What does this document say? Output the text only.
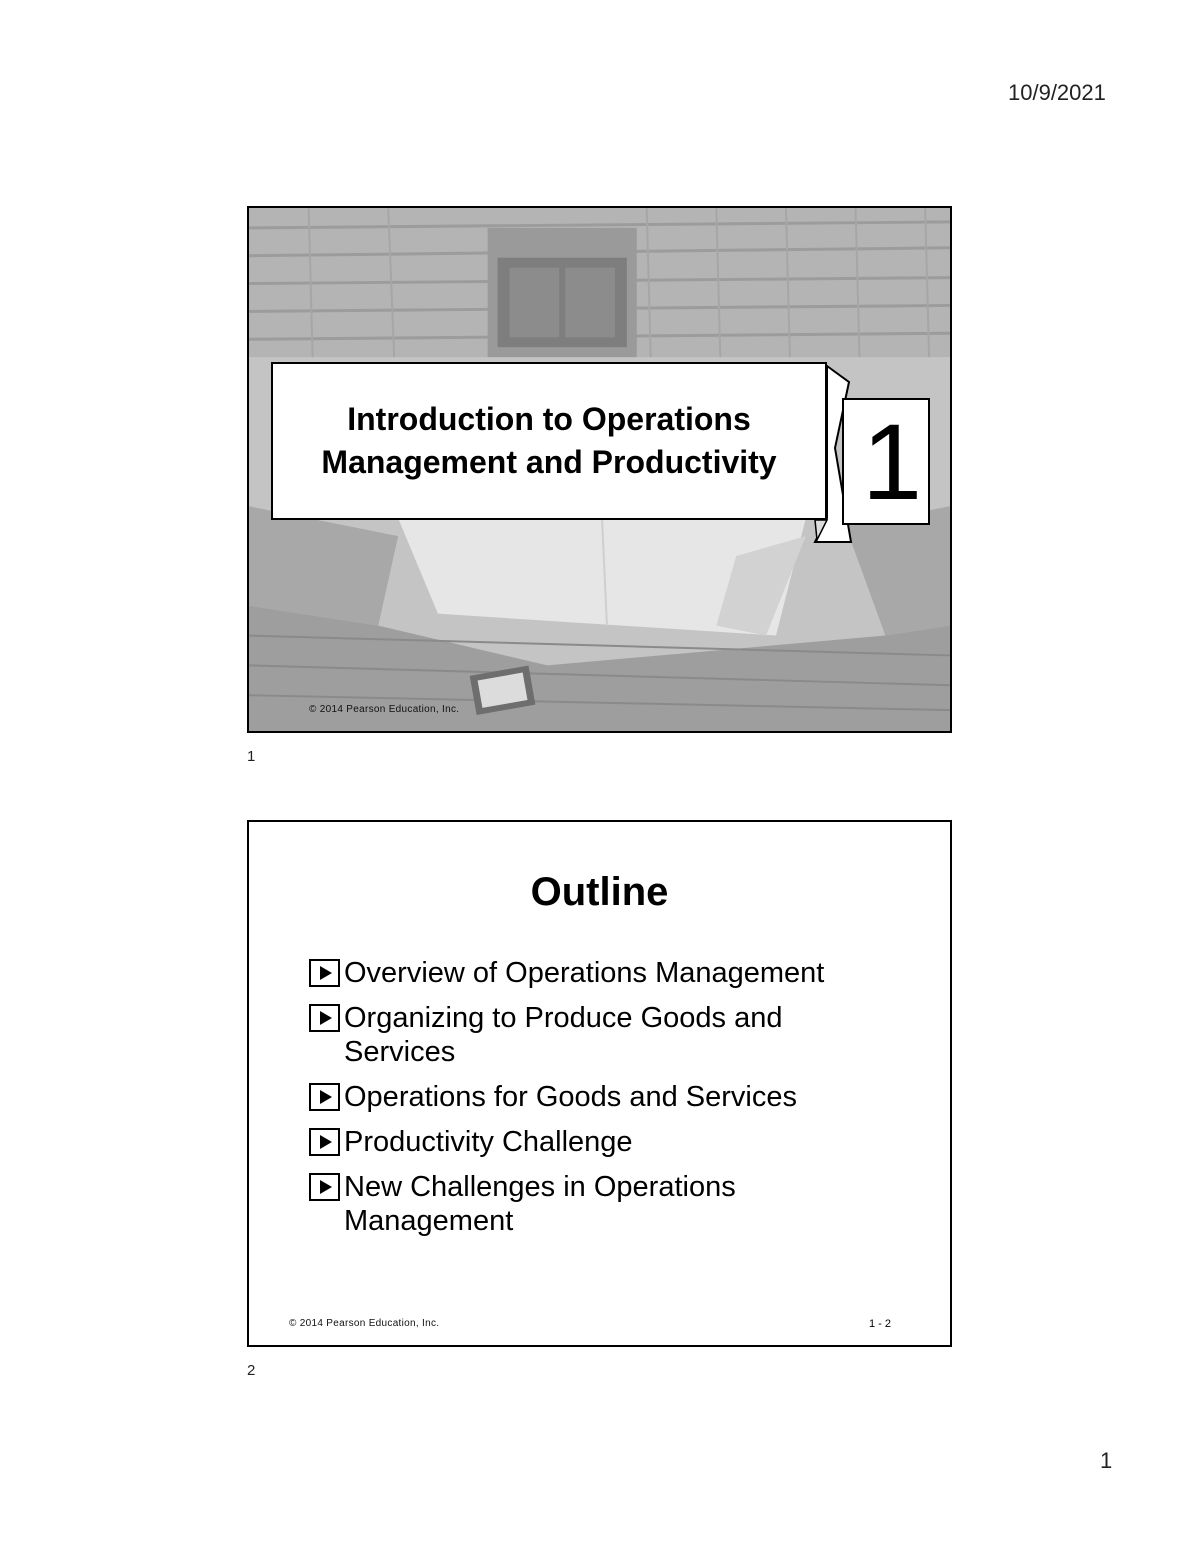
10/9/2021
1
Introduction to Operations
Management and Productivity
© 2014 Pearson Education, Inc.
1
Outline
Overview of Operations Management
Organizing to Produce Goods and
Services
Operations for Goods and Services
Productivity Challenge
New Challenges in Operations
Management
© 2014 Pearson Education, Inc.	1 - 2
2
1
